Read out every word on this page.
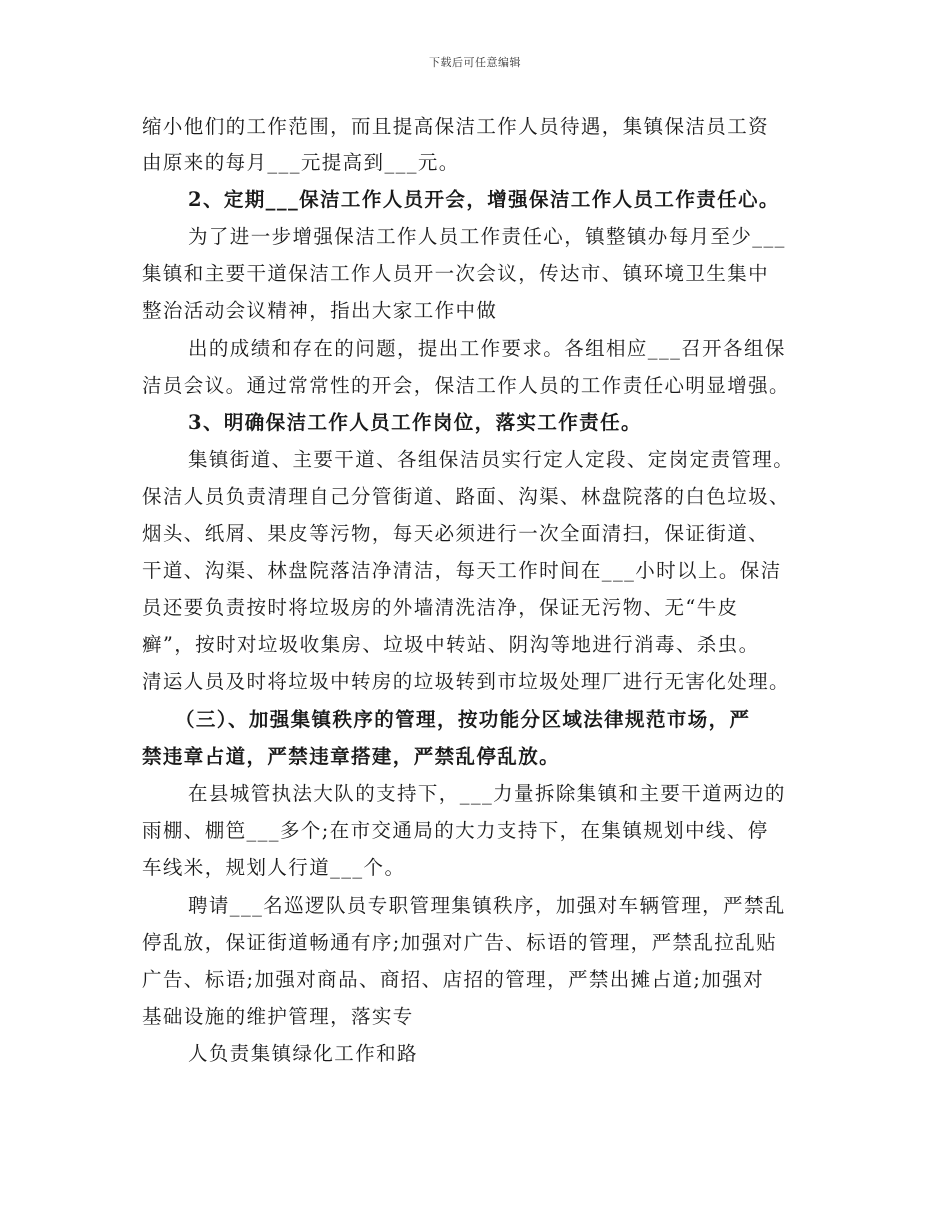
下载后可任意编辑
缩小他们的工作范围，而且提高保洁工作人员待遇，集镇保洁员工资
由原来的每月___元提高到___元。
2、定期___保洁工作人员开会，增强保洁工作人员工作责任心。
为了进一步增强保洁工作人员工作责任心，镇整镇办每月至少___
集镇和主要干道保洁工作人员开一次会议，传达市、镇环境卫生集中
整治活动会议精神，指出大家工作中做
出的成绩和存在的问题，提出工作要求。各组相应___召开各组保
洁员会议。通过常常性的开会，保洁工作人员的工作责任心明显增强。
3、明确保洁工作人员工作岗位，落实工作责任。
集镇街道、主要干道、各组保洁员实行定人定段、定岗定责管理。
保洁人员负责清理自己分管街道、路面、沟渠、林盘院落的白色垃圾、
烟头、纸屑、果皮等污物，每天必须进行一次全面清扫，保证街道、
干道、沟渠、林盘院落洁净清洁，每天工作时间在___小时以上。保洁
员还要负责按时将垃圾房的外墙清洗洁净，保证无污物、无“牛皮
癣”，按时对垃圾收集房、垃圾中转站、阴沟等地进行消毒、杀虫。
清运人员及时将垃圾中转房的垃圾转到市垃圾处理厂进行无害化处理。
（三）、加强集镇秩序的管理，按功能分区域法律规范市场，严
禁违章占道，严禁违章搭建，严禁乱停乱放。
在县城管执法大队的支持下，___力量拆除集镇和主要干道两边的
雨棚、棚笆___多个;在市交通局的大力支持下，在集镇规划中线、停
车线米，规划人行道___个。
聘请___名巡逻队员专职管理集镇秩序，加强对车辆管理，严禁乱
停乱放，保证街道畅通有序;加强对广告、标语的管理，严禁乱拉乱贴
广告、标语;加强对商品、商招、店招的管理，严禁出摊占道;加强对
基础设施的维护管理，落实专
人负责集镇绿化工作和路
